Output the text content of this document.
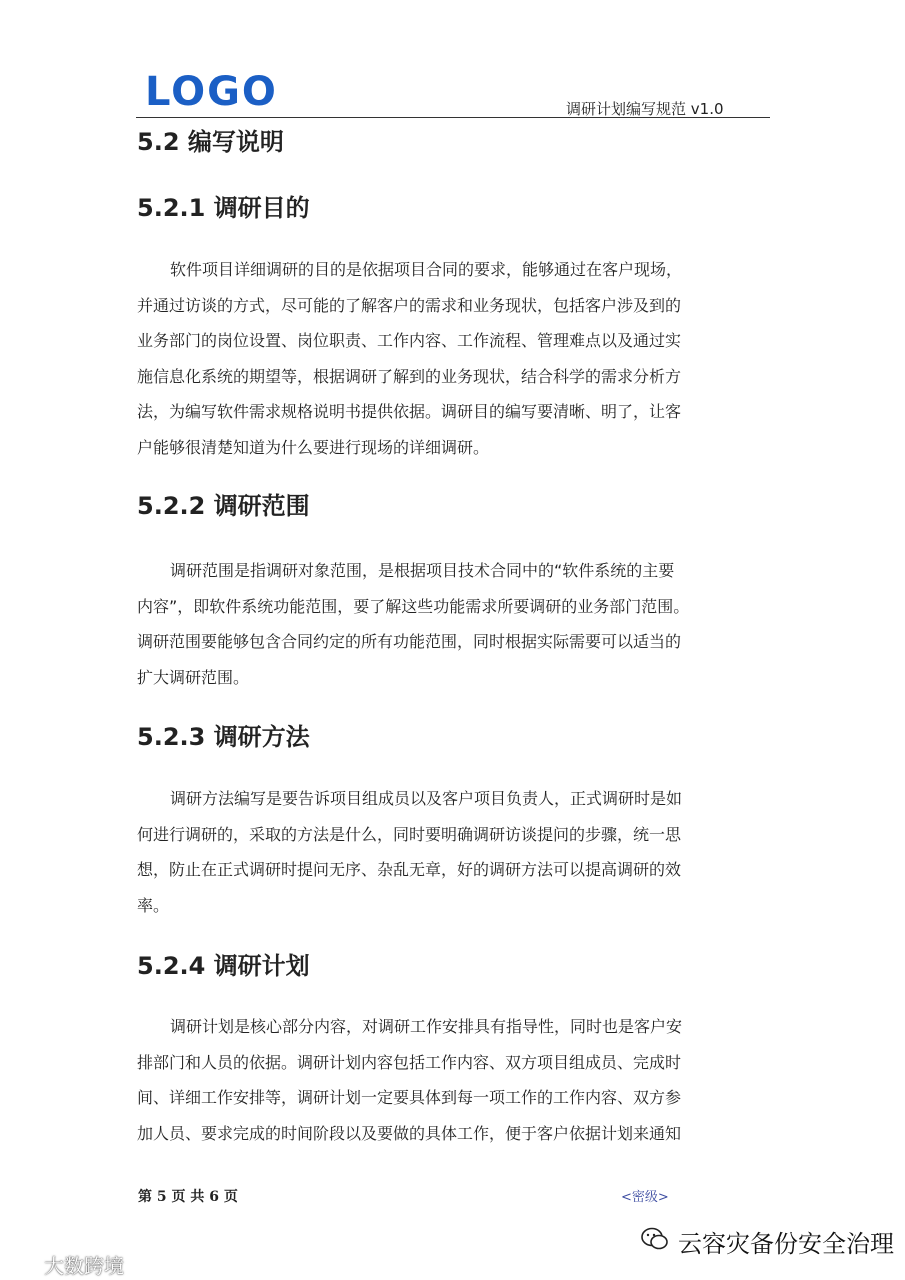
LOGO	调研计划编写规范 v1.0
5.2 编写说明
5.2.1 调研目的
软件项目详细调研的目的是依据项目合同的要求，能够通过在客户现场，
并通过访谈的方式，尽可能的了解客户的需求和业务现状，包括客户涉及到的
业务部门的岗位设置、岗位职责、工作内容、工作流程、管理难点以及通过实
施信息化系统的期望等，根据调研了解到的业务现状，结合科学的需求分析方
法，为编写软件需求规格说明书提供依据。调研目的编写要清晰、明了，让客
户能够很清楚知道为什么要进行现场的详细调研。
5.2.2 调研范围
调研范围是指调研对象范围，是根据项目技术合同中的“软件系统的主要
内容”，即软件系统功能范围，要了解这些功能需求所要调研的业务部门范围。
调研范围要能够包含合同约定的所有功能范围，同时根据实际需要可以适当的
扩大调研范围。
5.2.3 调研方法
调研方法编写是要告诉项目组成员以及客户项目负责人，正式调研时是如
何进行调研的，采取的方法是什么，同时要明确调研访谈提问的步骤，统一思
想，防止在正式调研时提问无序、杂乱无章，好的调研方法可以提高调研的效
率。
5.2.4 调研计划
调研计划是核心部分内容，对调研工作安排具有指导性，同时也是客户安
排部门和人员的依据。调研计划内容包括工作内容、双方项目组成员、完成时
间、详细工作安排等，调研计划一定要具体到每一项工作的工作内容、双方参
加人员、要求完成的时间阶段以及要做的具体工作，便于客户依据计划来通知
第 5 页 共 6 页	<密级>
云容灾备份安全治理
大数跨境
